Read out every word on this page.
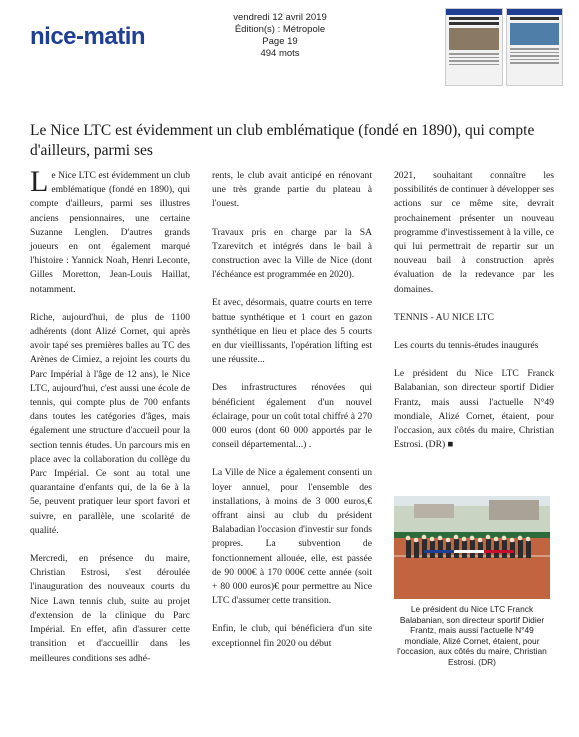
nice-matin
vendredi 12 avril 2019
Édition(s) : Métropole
Page 19
494 mots
Le Nice LTC est évidemment un club emblématique (fondé en 1890), qui compte d'ailleurs, parmi ses

Le Nice LTC est évidemment un club emblématique (fondé en 1890), qui compte d'ailleurs, parmi ses illustres anciens pensionnaires, une certaine Suzanne Lenglen. D'autres grands joueurs en ont également marqué l'histoire : Yannick Noah, Henri Leconte, Gilles Moretton, Jean-Louis Haillat, notamment.

Riche, aujourd'hui, de plus de 1100 adhérents (dont Alizé Cornet, qui après avoir tapé ses premières balles au TC des Arènes de Cimiez, a rejoint les courts du Parc Impérial à l'âge de 12 ans), le Nice LTC, aujourd'hui, c'est aussi une école de tennis, qui compte plus de 700 enfants dans toutes les catégories d'âges, mais également une structure d'accueil pour la section tennis études. Un parcours mis en place avec la collaboration du collège du Parc Impérial. Ce sont au total une quarantaine d'enfants qui, de la 6e à la 5e, peuvent pratiquer leur sport favori et suivre, en parallèle, une scolarité de qualité.

Mercredi, en présence du maire, Christian Estrosi, s'est déroulée l'inauguration des nouveaux courts du Nice Lawn tennis club, suite au projet d'extension de la clinique du Parc Impérial. En effet, afin d'assurer cette transition et d'accueillir dans les meilleures conditions ses adhé-

rents, le club avait anticipé en rénovant une très grande partie du plateau à l'ouest.

Travaux pris en charge par la SA Tzarevitch et intégrés dans le bail à construction avec la Ville de Nice (dont l'échéance est programmée en 2020).

Et avec, désormais, quatre courts en terre battue synthétique et 1 court en gazon synthétique en lieu et place des 5 courts en dur vieillissants, l'opération lifting est une réussite...

Des infrastructures rénovées qui bénéficient également d'un nouvel éclairage, pour un coût total chiffré à 270 000 euros (dont 60 000 apportés par le conseil départemental...) .

La Ville de Nice a également consenti un loyer annuel, pour l'ensemble des installations, à moins de 3 000 euros,€ offrant ainsi au club du président Balabadian l'occasion d'investir sur fonds propres. La subvention de fonctionnement allouée, elle, est passée de 90 000€ à 170 000€ cette année (soit + 80 000 euros)€ pour permettre au Nice LTC d'assumer cette transition.

Enfin, le club, qui bénéficiera d'un site exceptionnel fin 2020 ou début

2021, souhaitant connaître les possibilités de continuer à développer ses actions sur ce même site, devrait prochainement présenter un nouveau programme d'investissement à la ville, ce qui lui permettrait de repartir sur un nouveau bail à construction après évaluation de la redevance par les domaines.

TENNIS - AU NICE LTC

Les courts du tennis-études inaugurés

Le président du Nice LTC Franck Balabanian, son directeur sportif Didier Frantz, mais aussi l'actuelle N°49 mondiale, Alizé Cornet, étaient, pour l'occasion, aux côtés du maire, Christian Estrosi. (DR) ■

Le président du Nice LTC Franck Balabanian, son directeur sportif Didier Frantz, mais aussi l'actuelle N°49 mondiale, Alizé Cornet, étaient, pour l'occasion, aux côtés du maire, Christian Estrosi. (DR)
